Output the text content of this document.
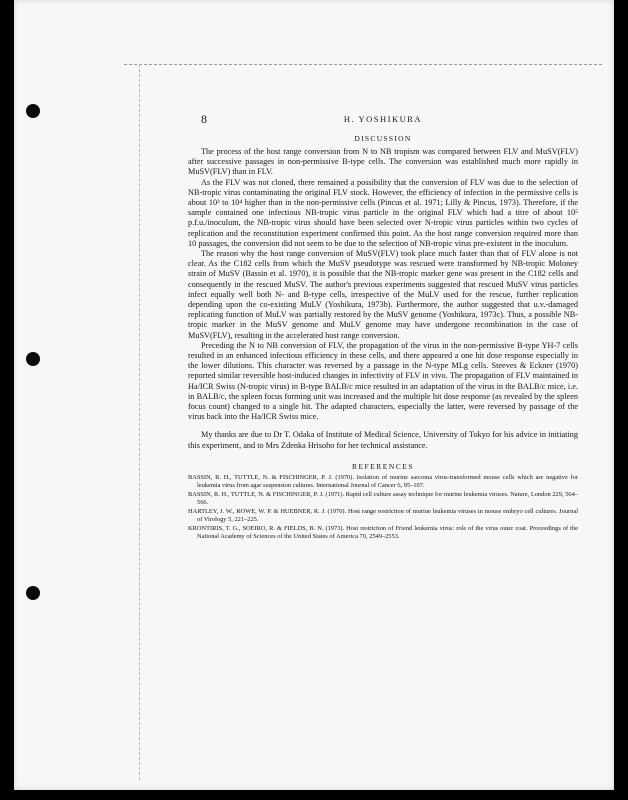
8	H. YOSHIKURA
DISCUSSION

The process of the host range conversion from N to NB tropism was compared between FLV and MuSV(FLV) after successive passages in non-permissive B-type cells. The conversion was established much more rapidly in MuSV(FLV) than in FLV.

As the FLV was not cloned, there remained a possibility that the conversion of FLV was due to the selection of NB-tropic virus contaminating the original FLV stock. However, the efficiency of infection in the permissive cells is about 10² to 10⁴ higher than in the non-permissive cells (Pincus et al. 1971; Lilly & Pincus, 1973). Therefore, if the sample contained one infectious NB-tropic virus particle in the original FLV which had a titre of about 10⁵ p.f.u./inoculum, the NB-tropic virus should have been selected over N-tropic virus particles within two cycles of replication and the reconstitution experiment confirmed this point. As the host range conversion required more than 10 passages, the conversion did not seem to be due to the selection of NB-tropic virus pre-existent in the inoculum.

The reason why the host range conversion of MuSV(FLV) took place much faster than that of FLV alone is not clear. As the C182 cells from which the MuSV pseudotype was rescued were transformed by NB-tropic Moloney strain of MuSV (Bassin et al. 1970), it is possible that the NB-tropic marker gene was present in the C182 cells and consequently in the rescued MuSV. The author's previous experiments suggested that rescued MuSV virus particles infect equally well both N- and B-type cells, irrespective of the MuLV used for the rescue, further replication depending upon the co-existing MuLV (Yoshikura, 1973b). Furthermore, the author suggested that u.v.-damaged replicating function of MuLV was partially restored by the MuSV genome (Yoshikura, 1973c). Thus, a possible NB-tropic marker in the MuSV genome and MuLV genome may have undergone recombination in the case of MuSV(FLV), resulting in the accelerated host range conversion.

Preceding the N to NB conversion of FLV, the propagation of the virus in the non-permissive B-type YH-7 cells resulted in an enhanced infectious efficiency in these cells, and there appeared a one hit dose response especially in the lower dilutions. This character was reversed by a passage in the N-type MLg cells. Steeves & Eckner (1970) reported similar reversible host-induced changes in infectivity of FLV in vivo. The propagation of FLV maintained in Ha/ICR Swiss (N-tropic virus) in B-type BALB/c mice resulted in an adaptation of the virus in the BALB/c mice, i.e. in BALB/c, the spleen focus forming unit was increased and the multiple hit dose response (as revealed by the spleen focus count) changed to a single hit. The adapted characters, especially the latter, were reversed by passage of the virus back into the Ha/ICR Swiss mice.

My thanks are due to Dr T. Odaka of Institute of Medical Science, University of Tokyo for his advice in initiating this experiment, and to Mrs Zdenka Hrisoho for her technical assistance.

REFERENCES

BASSIN, R. H., TUTTLE, N. & FISCHINGER, P. J. (1970). Isolation of murine sarcoma virus-transformed mouse cells which are negative for leukemia virus from agar suspension cultures. International Journal of Cancer 6, 95–107.

BASSIN, R. H., TUTTLE, N. & FISCHINGER, P. J. (1971). Rapid cell culture assay technique for murine leukemia viruses. Nature, London 229, 564–566.

HARTLEY, J. W., ROWE, W. P. & HUEBNER, R. J. (1970). Host range restriction of murine leukemia viruses in mouse embryo cell cultures. Journal of Virology 5, 221–225.

KRONTIRIS, T. G., SOEIRO, R. & FIELDS, B. N. (1973). Host restriction of Friend leukemia virus: role of the virus outer coat. Proceedings of the National Academy of Sciences of the United States of America 70, 2549–2553.
